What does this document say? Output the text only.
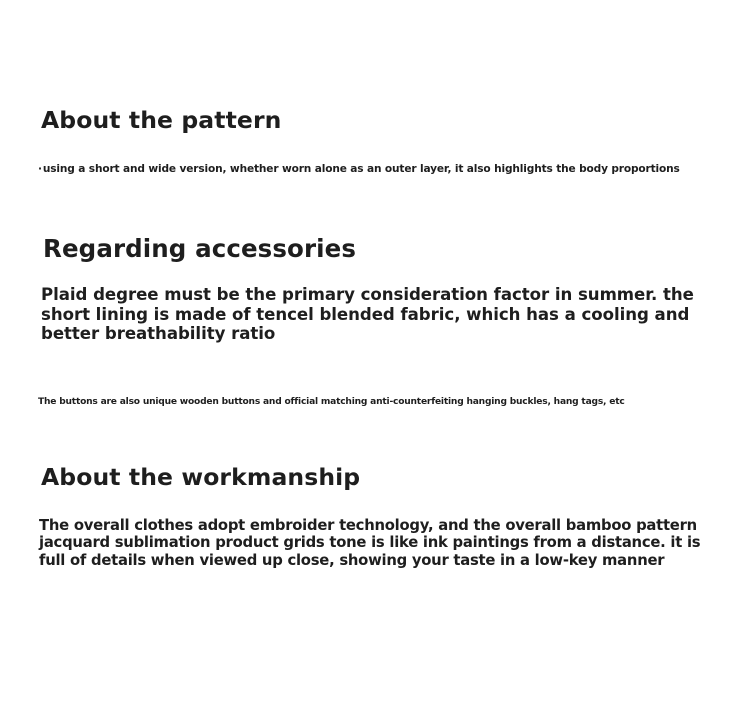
About the pattern

·using a short and wide version, whether worn alone as an outer layer, it also highlights the body proportions

Regarding accessories

Plaid degree must be the primary consideration factor in summer. the short lining is made of tencel blended fabric, which has a cooling and better breathability ratio

The buttons are also unique wooden buttons and official matching anti-counterfeiting hanging buckles, hang tags, etc

About the workmanship

The overall clothes adopt embroider technology, and the overall bamboo pattern jacquard sublimation product grids tone is like ink paintings from a distance. it is full of details when viewed up close, showing your taste in a low-key manner
